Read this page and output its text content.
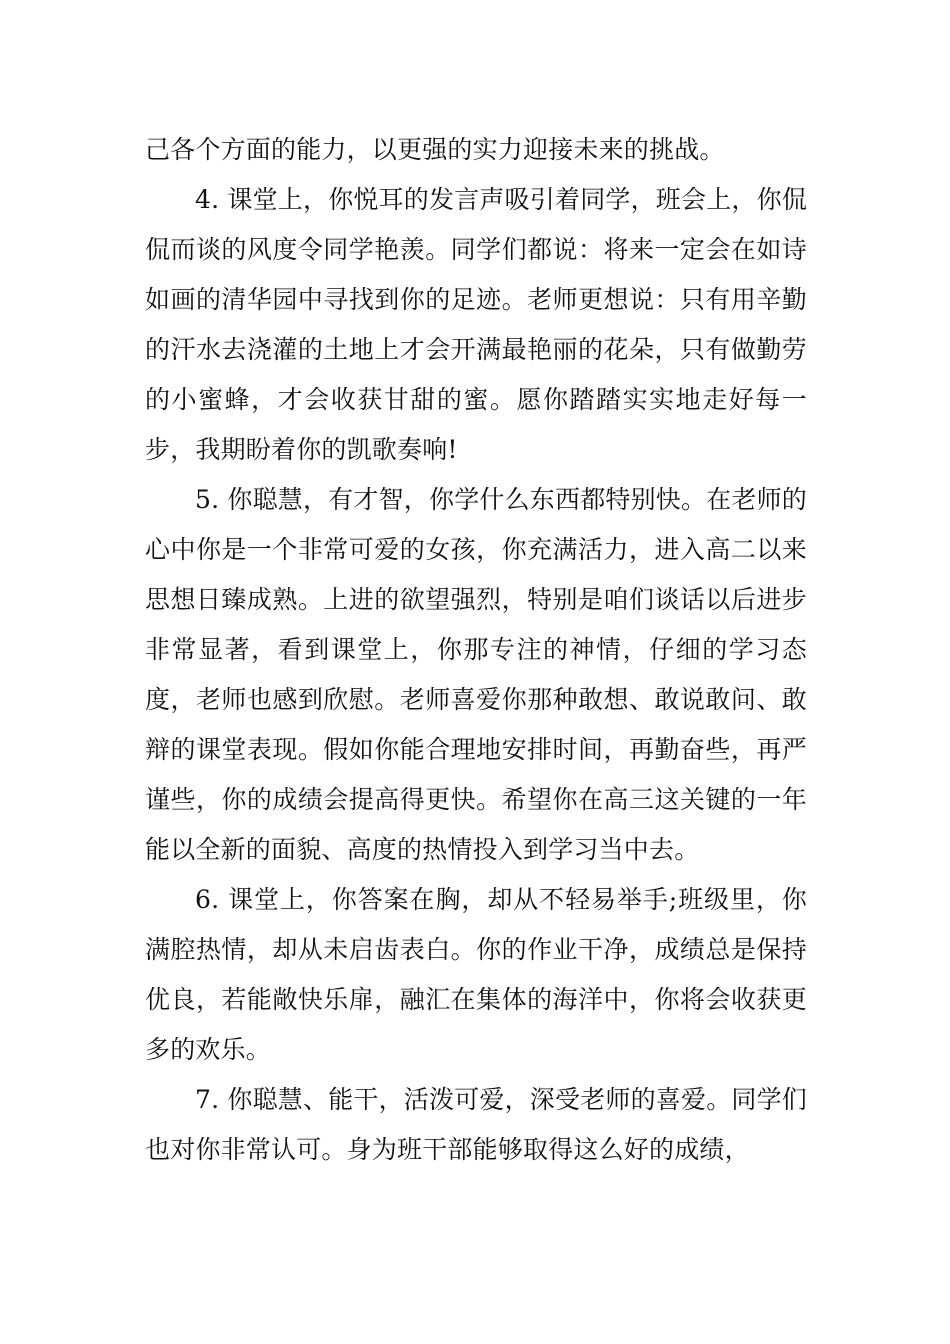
己各个方面的能力，以更强的实力迎接未来的挑战。

4. 课堂上，你悦耳的发言声吸引着同学，班会上，你侃侃而谈的风度令同学艳羡。同学们都说：将来一定会在如诗如画的清华园中寻找到你的足迹。老师更想说：只有用辛勤的汗水去浇灌的土地上才会开满最艳丽的花朵，只有做勤劳的小蜜蜂，才会收获甘甜的蜜。愿你踏踏实实地走好每一步，我期盼着你的凯歌奏响!

5. 你聪慧，有才智，你学什么东西都特别快。在老师的心中你是一个非常可爱的女孩，你充满活力，进入高二以来思想日臻成熟。上进的欲望强烈，特别是咱们谈话以后进步非常显著，看到课堂上，你那专注的神情，仔细的学习态度，老师也感到欣慰。老师喜爱你那种敢想、敢说敢问、敢辩的课堂表现。假如你能合理地安排时间，再勤奋些，再严谨些，你的成绩会提高得更快。希望你在高三这关键的一年能以全新的面貌、高度的热情投入到学习当中去。

6. 课堂上，你答案在胸，却从不轻易举手;班级里，你满腔热情，却从未启齿表白。你的作业干净，成绩总是保持优良，若能敞快乐扉，融汇在集体的海洋中，你将会收获更多的欢乐。

7. 你聪慧、能干，活泼可爱，深受老师的喜爱。同学们也对你非常认可。身为班干部能够取得这么好的成绩，
